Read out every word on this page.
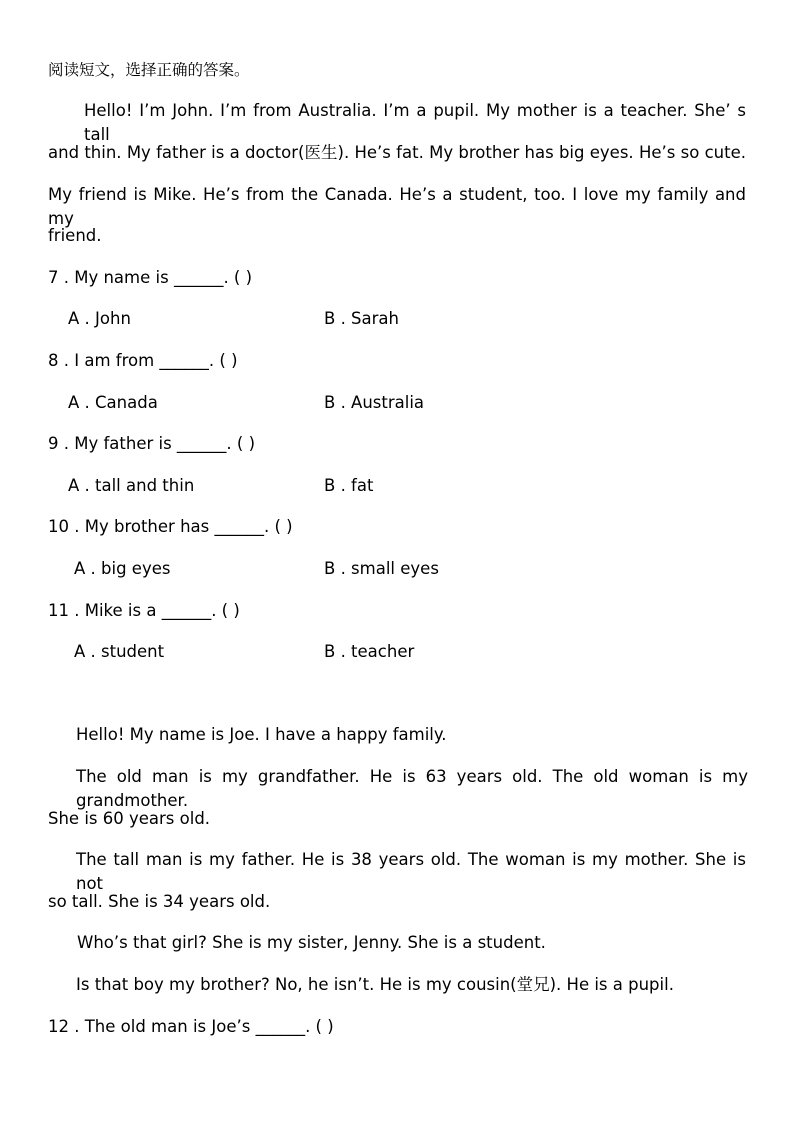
阅读短文，选择正确的答案。
Hello! I’m John. I’m from Australia. I’m a pupil. My mother is a teacher. She’ s tall
and thin. My father is a doctor(医生). He’s fat. My brother has big eyes. He’s so cute.
My friend is Mike. He’s from the Canada. He’s a student, too. I love my family and my
friend.
7 . My name is ______. ( )
A . John	B . Sarah
8 . I am from ______. ( )
A . Canada	B . Australia
9 . My father is ______. ( )
A . tall and thin	B . fat
10 . My brother has ______. ( )
A . big eyes	B . small eyes
11 . Mike is a ______. ( )
A . student	B . teacher
Hello! My name is Joe. I have a happy family.
The old man is my grandfather. He is 63 years old. The old woman is my grandmother.
She is 60 years old.
The tall man is my father. He is 38 years old. The woman is my mother. She is not
so tall. She is 34 years old.
Who’s that girl? She is my sister, Jenny. She is a student.
Is that boy my brother? No, he isn’t. He is my cousin(堂兄). He is a pupil.
12 . The old man is Joe’s ______. ( )
